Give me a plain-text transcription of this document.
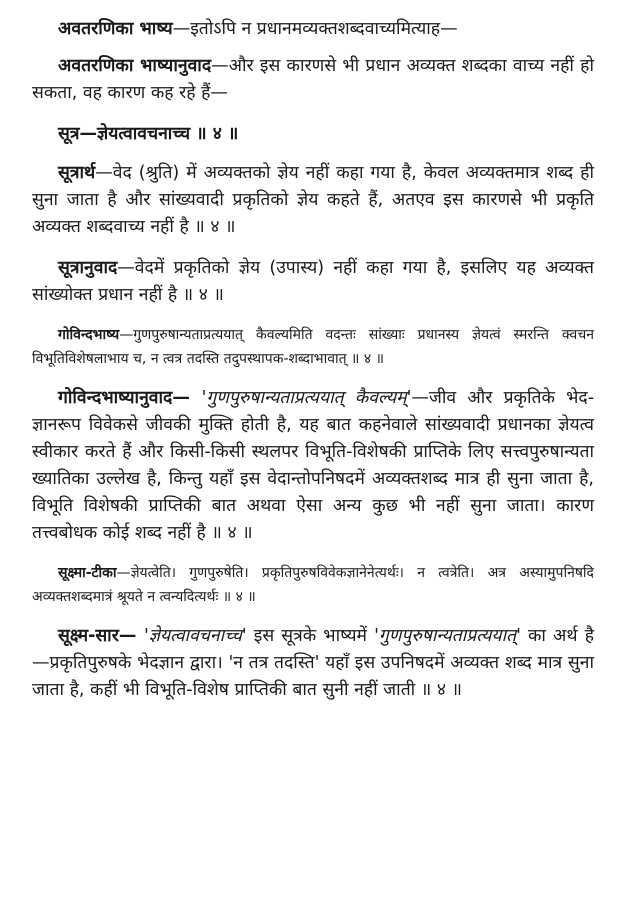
अवतरणिका भाष्य—इतोऽपि न प्रधानमव्यक्तशब्दवाच्यमित्याह—

अवतरणिका भाष्यानुवाद—और इस कारणसे भी प्रधान अव्यक्त शब्दका वाच्य नहीं हो सकता, वह कारण कह रहे हैं—

सूत्र—ज्ञेयत्वावचनाच्च ॥ ४ ॥

सूत्रार्थ—वेद (श्रुति) में अव्यक्तको ज्ञेय नहीं कहा गया है, केवल अव्यक्तमात्र शब्द ही सुना जाता है और सांख्यवादी प्रकृतिको ज्ञेय कहते हैं, अतएव इस कारणसे भी प्रकृति अव्यक्त शब्दवाच्य नहीं है ॥ ४ ॥

सूत्रानुवाद—वेदमें प्रकृतिको ज्ञेय (उपास्य) नहीं कहा गया है, इसलिए यह अव्यक्त सांख्योक्त प्रधान नहीं है ॥ ४ ॥

गोविन्दभाष्य—गुणपुरुषान्यताप्रत्ययात् कैवल्यमिति वदन्तः सांख्याः प्रधानस्य ज्ञेयत्वं स्मरन्ति क्वचन विभूतिविशेषलाभाय च, न त्वत्र तदस्ति तदुपस्थापक-शब्दाभावात् ॥ ४ ॥

गोविन्दभाष्यानुवाद— 'गुणपुरुषान्यताप्रत्ययात् कैवल्यम्'—जीव और प्रकृतिके भेद-ज्ञानरूप विवेकसे जीवकी मुक्ति होती है, यह बात कहनेवाले सांख्यवादी प्रधानका ज्ञेयत्व स्वीकार करते हैं और किसी-किसी स्थलपर विभूति-विशेषकी प्राप्तिके लिए सत्त्वपुरुषान्यता ख्यातिका उल्लेख है, किन्तु यहाँ इस वेदान्तोपनिषदमें अव्यक्तशब्द मात्र ही सुना जाता है, विभूति विशेषकी प्राप्तिकी बात अथवा ऐसा अन्य कुछ भी नहीं सुना जाता। कारण तत्त्वबोधक कोई शब्द नहीं है ॥ ४ ॥

सूक्ष्मा-टीका—ज्ञेयत्वेति। गुणपुरुषेति। प्रकृतिपुरुषविवेकज्ञानेनेत्यर्थः। न त्वत्रेति। अत्र अस्यामुपनिषदि अव्यक्तशब्दमात्रं श्रूयते न त्वन्यदित्यर्थः ॥ ४ ॥

सूक्ष्म-सार— 'ज्ञेयत्वावचनाच्च' इस सूत्रके भाष्यमें 'गुणपुरुषान्यताप्रत्ययात्' का अर्थ है—प्रकृतिपुरुषके भेदज्ञान द्वारा। 'न तत्र तदस्ति' यहाँ इस उपनिषदमें अव्यक्त शब्द मात्र सुना जाता है, कहीं भी विभूति-विशेष प्राप्तिकी बात सुनी नहीं जाती ॥ ४ ॥
